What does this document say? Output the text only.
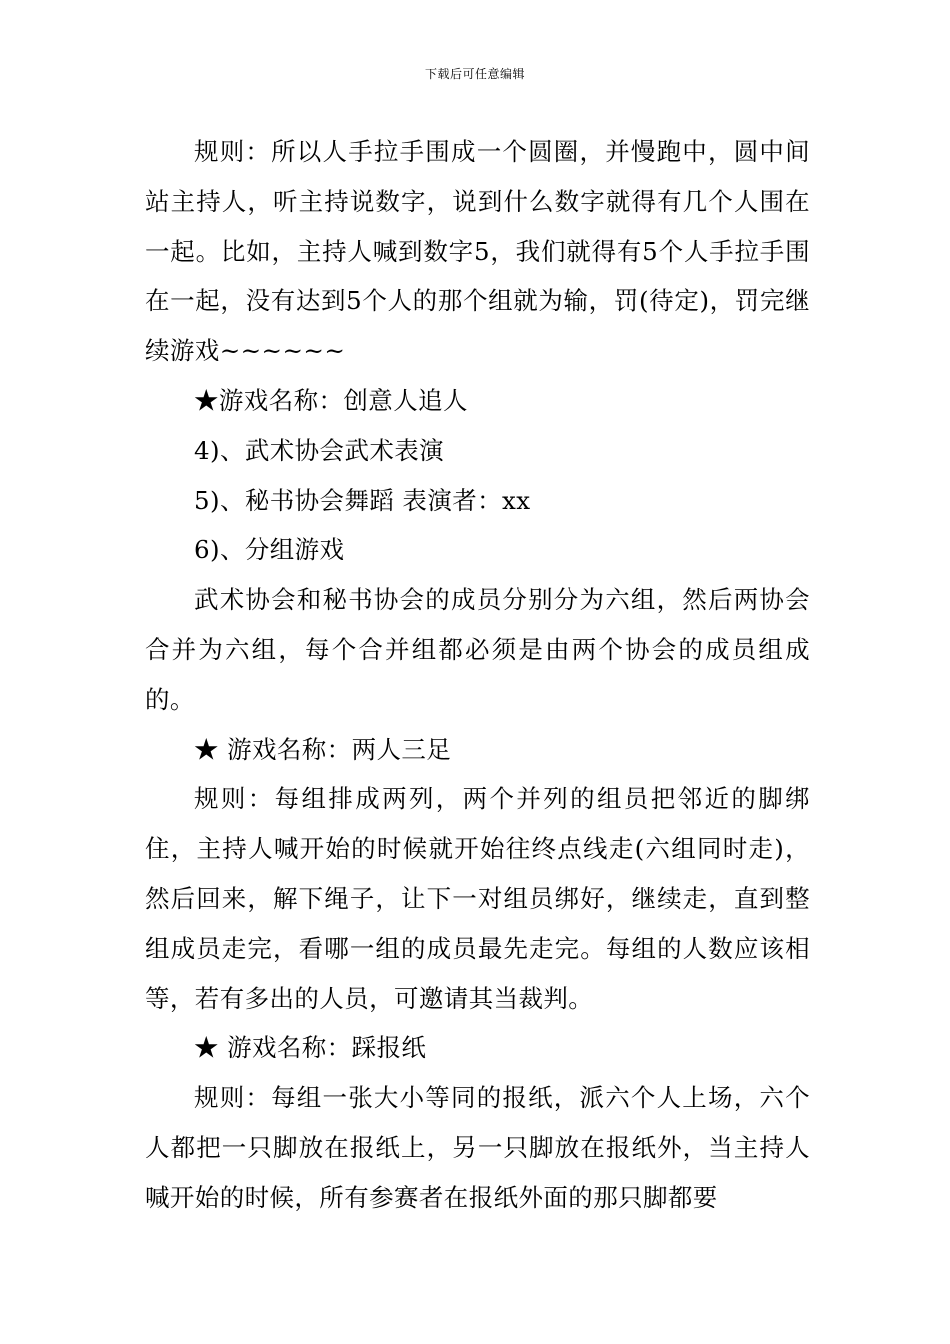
下载后可任意编辑

规则：所以人手拉手围成一个圆圈，并慢跑中，圆中间站主持人，听主持说数字，说到什么数字就得有几个人围在一起。比如，主持人喊到数字5，我们就得有5个人手拉手围在一起，没有达到5个人的那个组就为输，罚(待定)，罚完继续游戏~~~~~~

★游戏名称：创意人追人

4)、武术协会武术表演

5)、秘书协会舞蹈 表演者：xx

6)、分组游戏

武术协会和秘书协会的成员分别分为六组，然后两协会合并为六组，每个合并组都必须是由两个协会的成员组成的。

★ 游戏名称：两人三足

规则：每组排成两列，两个并列的组员把邻近的脚绑住，主持人喊开始的时候就开始往终点线走(六组同时走)，然后回来，解下绳子，让下一对组员绑好，继续走，直到整组成员走完，看哪一组的成员最先走完。每组的人数应该相等，若有多出的人员，可邀请其当裁判。

★ 游戏名称：踩报纸

规则：每组一张大小等同的报纸，派六个人上场，六个人都把一只脚放在报纸上，另一只脚放在报纸外，当主持人喊开始的时候，所有参赛者在报纸外面的那只脚都要
